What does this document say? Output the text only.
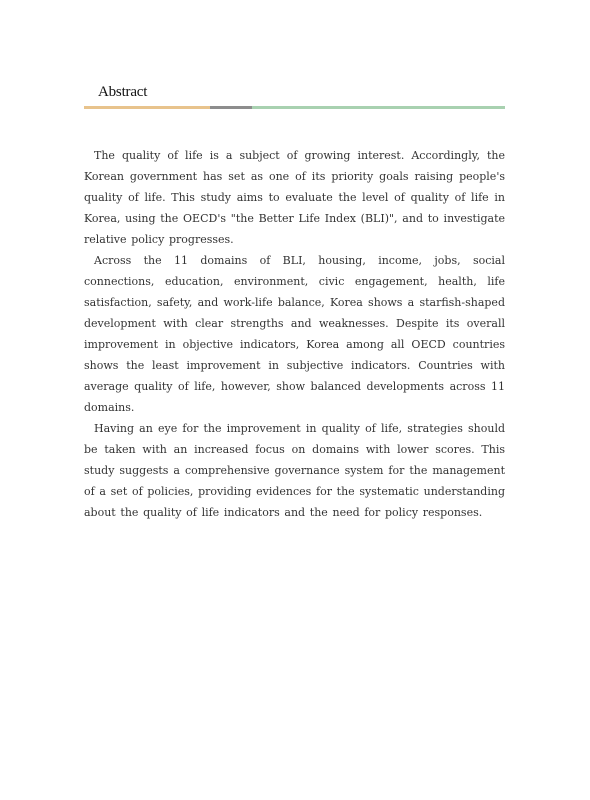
Abstract

The quality of life is a subject of growing interest. Accordingly, the Korean government has set as one of its priority goals raising people's quality of life. This study aims to evaluate the level of quality of life in Korea, using the OECD's "the Better Life Index (BLI)", and to investigate relative policy progresses.

Across the 11 domains of BLI, housing, income, jobs, social connections, education, environment, civic engagement, health, life satisfaction, safety, and work-life balance, Korea shows a starfish-shaped development with clear strengths and weaknesses. Despite its overall improvement in objective indicators, Korea among all OECD countries shows the least improvement in subjective indicators. Countries with average quality of life, however, show balanced developments across 11 domains.

Having an eye for the improvement in quality of life, strategies should be taken with an increased focus on domains with lower scores. This study suggests a comprehensive governance system for the management of a set of policies, providing evidences for the systematic understanding about the quality of life indicators and the need for policy responses.
